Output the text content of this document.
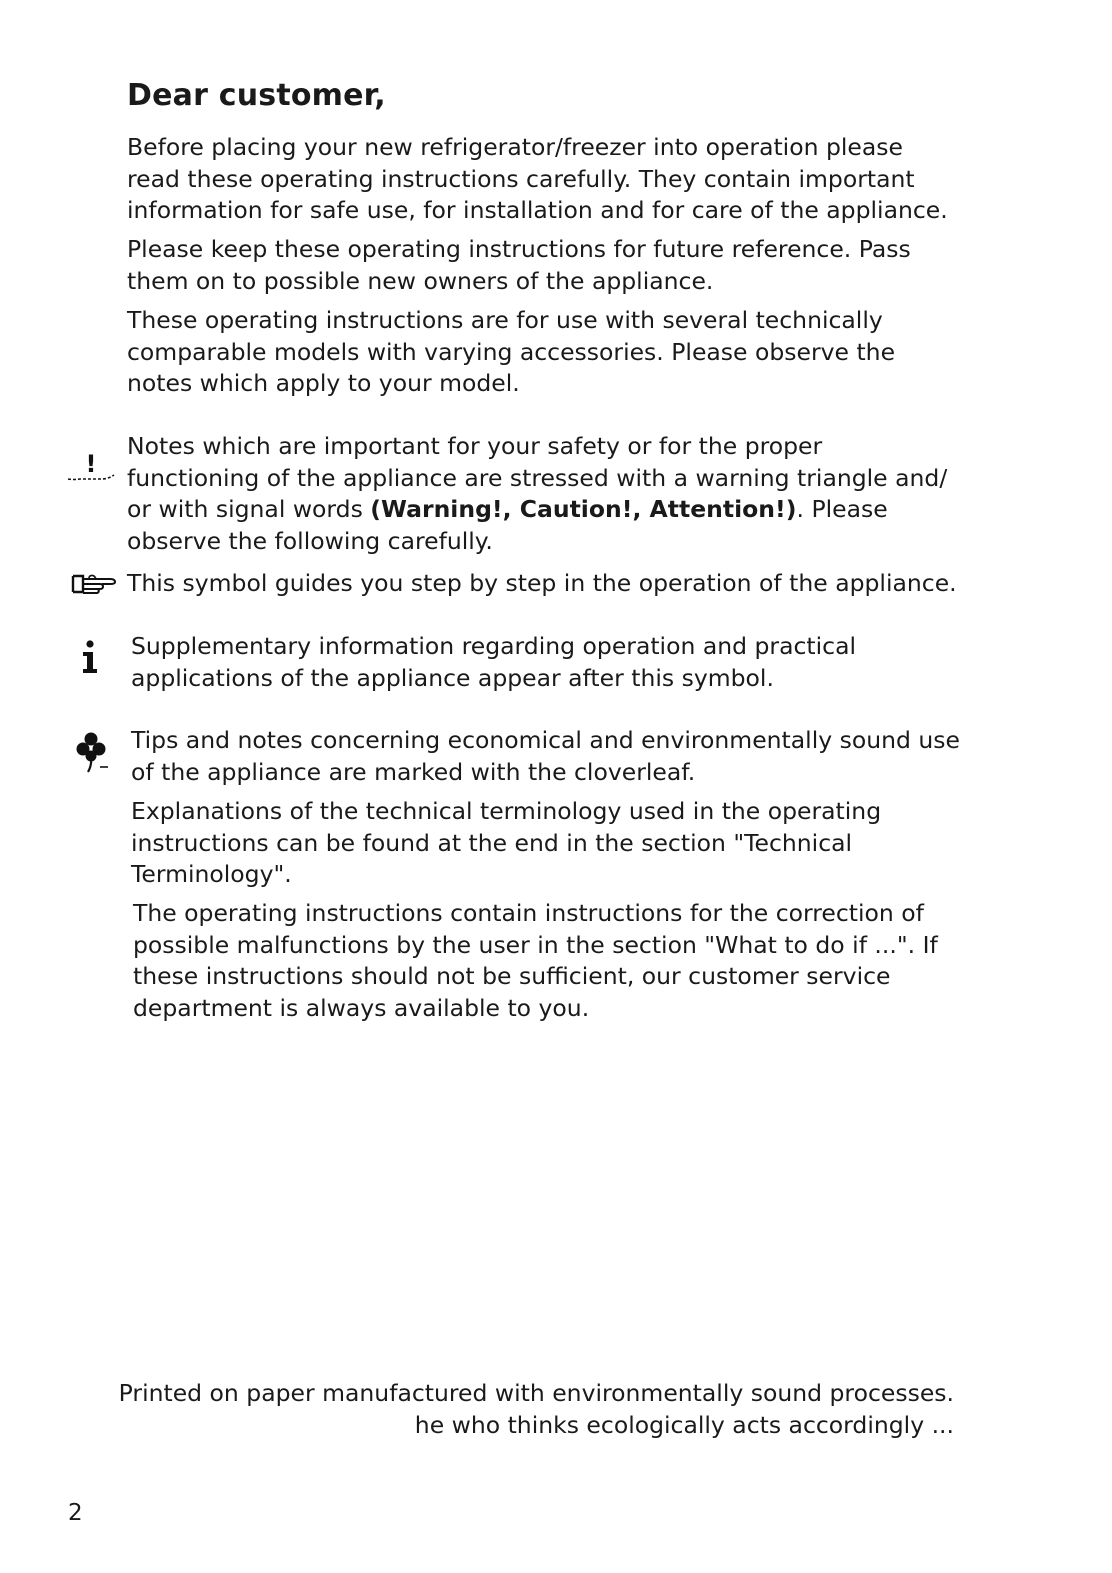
Dear customer,

Before placing your new refrigerator/freezer into operation please read these operating instructions carefully. They contain important information for safe use, for installation and for care of the appliance.

Please keep these operating instructions for future reference. Pass them on to possible new owners of the appliance.

These operating instructions are for use with several technically comparable models with varying accessories. Please observe the notes which apply to your model.

!

Notes which are important for your safety or for the proper functioning of the appliance are stressed with a warning triangle and/ or with signal words (Warning!, Caution!, Attention!). Please observe the following carefully.

This symbol guides you step by step in the operation of the appliance.

Supplementary information regarding operation and practical applications of the appliance appear after this symbol.

Tips and notes concerning economical and environmentally sound use of the appliance are marked with the cloverleaf.

Explanations of the technical terminology used in the operating instructions can be found at the end in the section "Technical Terminology".

The operating instructions contain instructions for the correction of possible malfunctions by the user in the section "What to do if ...". If these instructions should not be sufficient, our customer service department is always available to you.

Printed on paper manufactured with environmentally sound processes.

he who thinks ecologically acts accordingly ...

2
